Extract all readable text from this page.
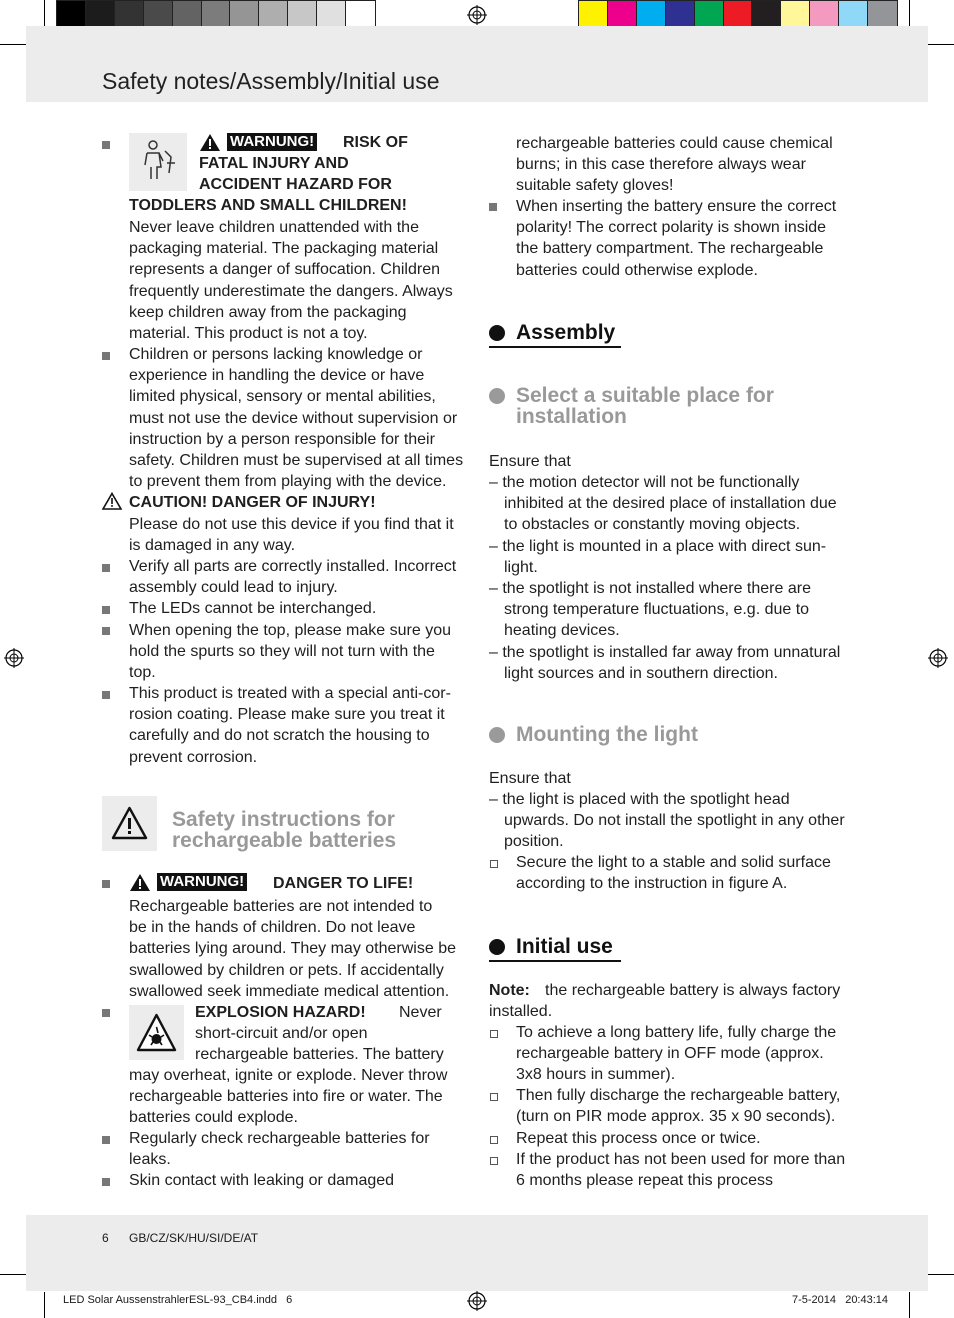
Safety notes/Assembly/Initial use
WARNUNG! RISK OF
FATAL INJURY AND
ACCIDENT HAZARD FOR
TODDLERS AND SMALL CHILDREN!
Never leave children unattended with the
packaging material. The packaging material
represents a danger of suffocation. Children
frequently underestimate the dangers. Always
keep children away from the packaging
material. This product is not a toy.
Children or persons lacking knowledge or
experience in handling the device or have
limited physical, sensory or mental abilities,
must not use the device without supervision or
instruction by a person responsible for their
safety. Children must be supervised at all times
to prevent them from playing with the device.
CAUTION! DANGER OF INJURY!
Please do not use this device if you find that it
is damaged in any way.
Verify all parts are correctly installed. Incorrect
assembly could lead to injury.
The LEDs cannot be interchanged.
When opening the top, please make sure you
hold the spurts so they will not turn with the
top.
This product is treated with a special anti-cor-
rosion coating. Please make sure you treat it
carefully and do not scratch the housing to
prevent corrosion.
Safety instructions for
rechargeable batteries
WARNUNG! DANGER TO LIFE!
Rechargeable batteries are not intended to
be in the hands of children. Do not leave
batteries lying around. They may otherwise be
swallowed by children or pets. If accidentally
swallowed seek immediate medical attention.
EXPLOSION HAZARD! Never
short-circuit and/or open
rechargeable batteries. The battery
may overheat, ignite or explode. Never throw
rechargeable batteries into fire or water. The
batteries could explode.
Regularly check rechargeable batteries for
leaks.
Skin contact with leaking or damaged
rechargeable batteries could cause chemical
burns; in this case therefore always wear
suitable safety gloves!
When inserting the battery ensure the correct
polarity! The correct polarity is shown inside
the battery compartment. The rechargeable
batteries could otherwise explode.
Assembly
Select a suitable place for
installation
Ensure that
– the motion detector will not be functionally
inhibited at the desired place of installation due
to obstacles or constantly moving objects.
– the light is mounted in a place with direct sun-
light.
– the spotlight is not installed where there are
strong temperature fluctuations, e.g. due to
heating devices.
– the spotlight is installed far away from unnatural
light sources and in southern direction.
Mounting the light
Ensure that
– the light is placed with the spotlight head
upwards. Do not install the spotlight in any other
position.
Secure the light to a stable and solid surface
according to the instruction in figure A.
Initial use
Note: the rechargeable battery is always factory
installed.
To achieve a long battery life, fully charge the
rechargeable battery in OFF mode (approx.
3x8 hours in summer).
Then fully discharge the rechargeable battery,
(turn on PIR mode approx. 35 x 90 seconds).
Repeat this process once or twice.
If the product has not been used for more than
6 months please repeat this process
6 GB/CZ/SK/HU/SI/DE/AT
LED Solar AussenstrahlerESL-93_CB4.indd   6	7-5-2014   20:43:14
